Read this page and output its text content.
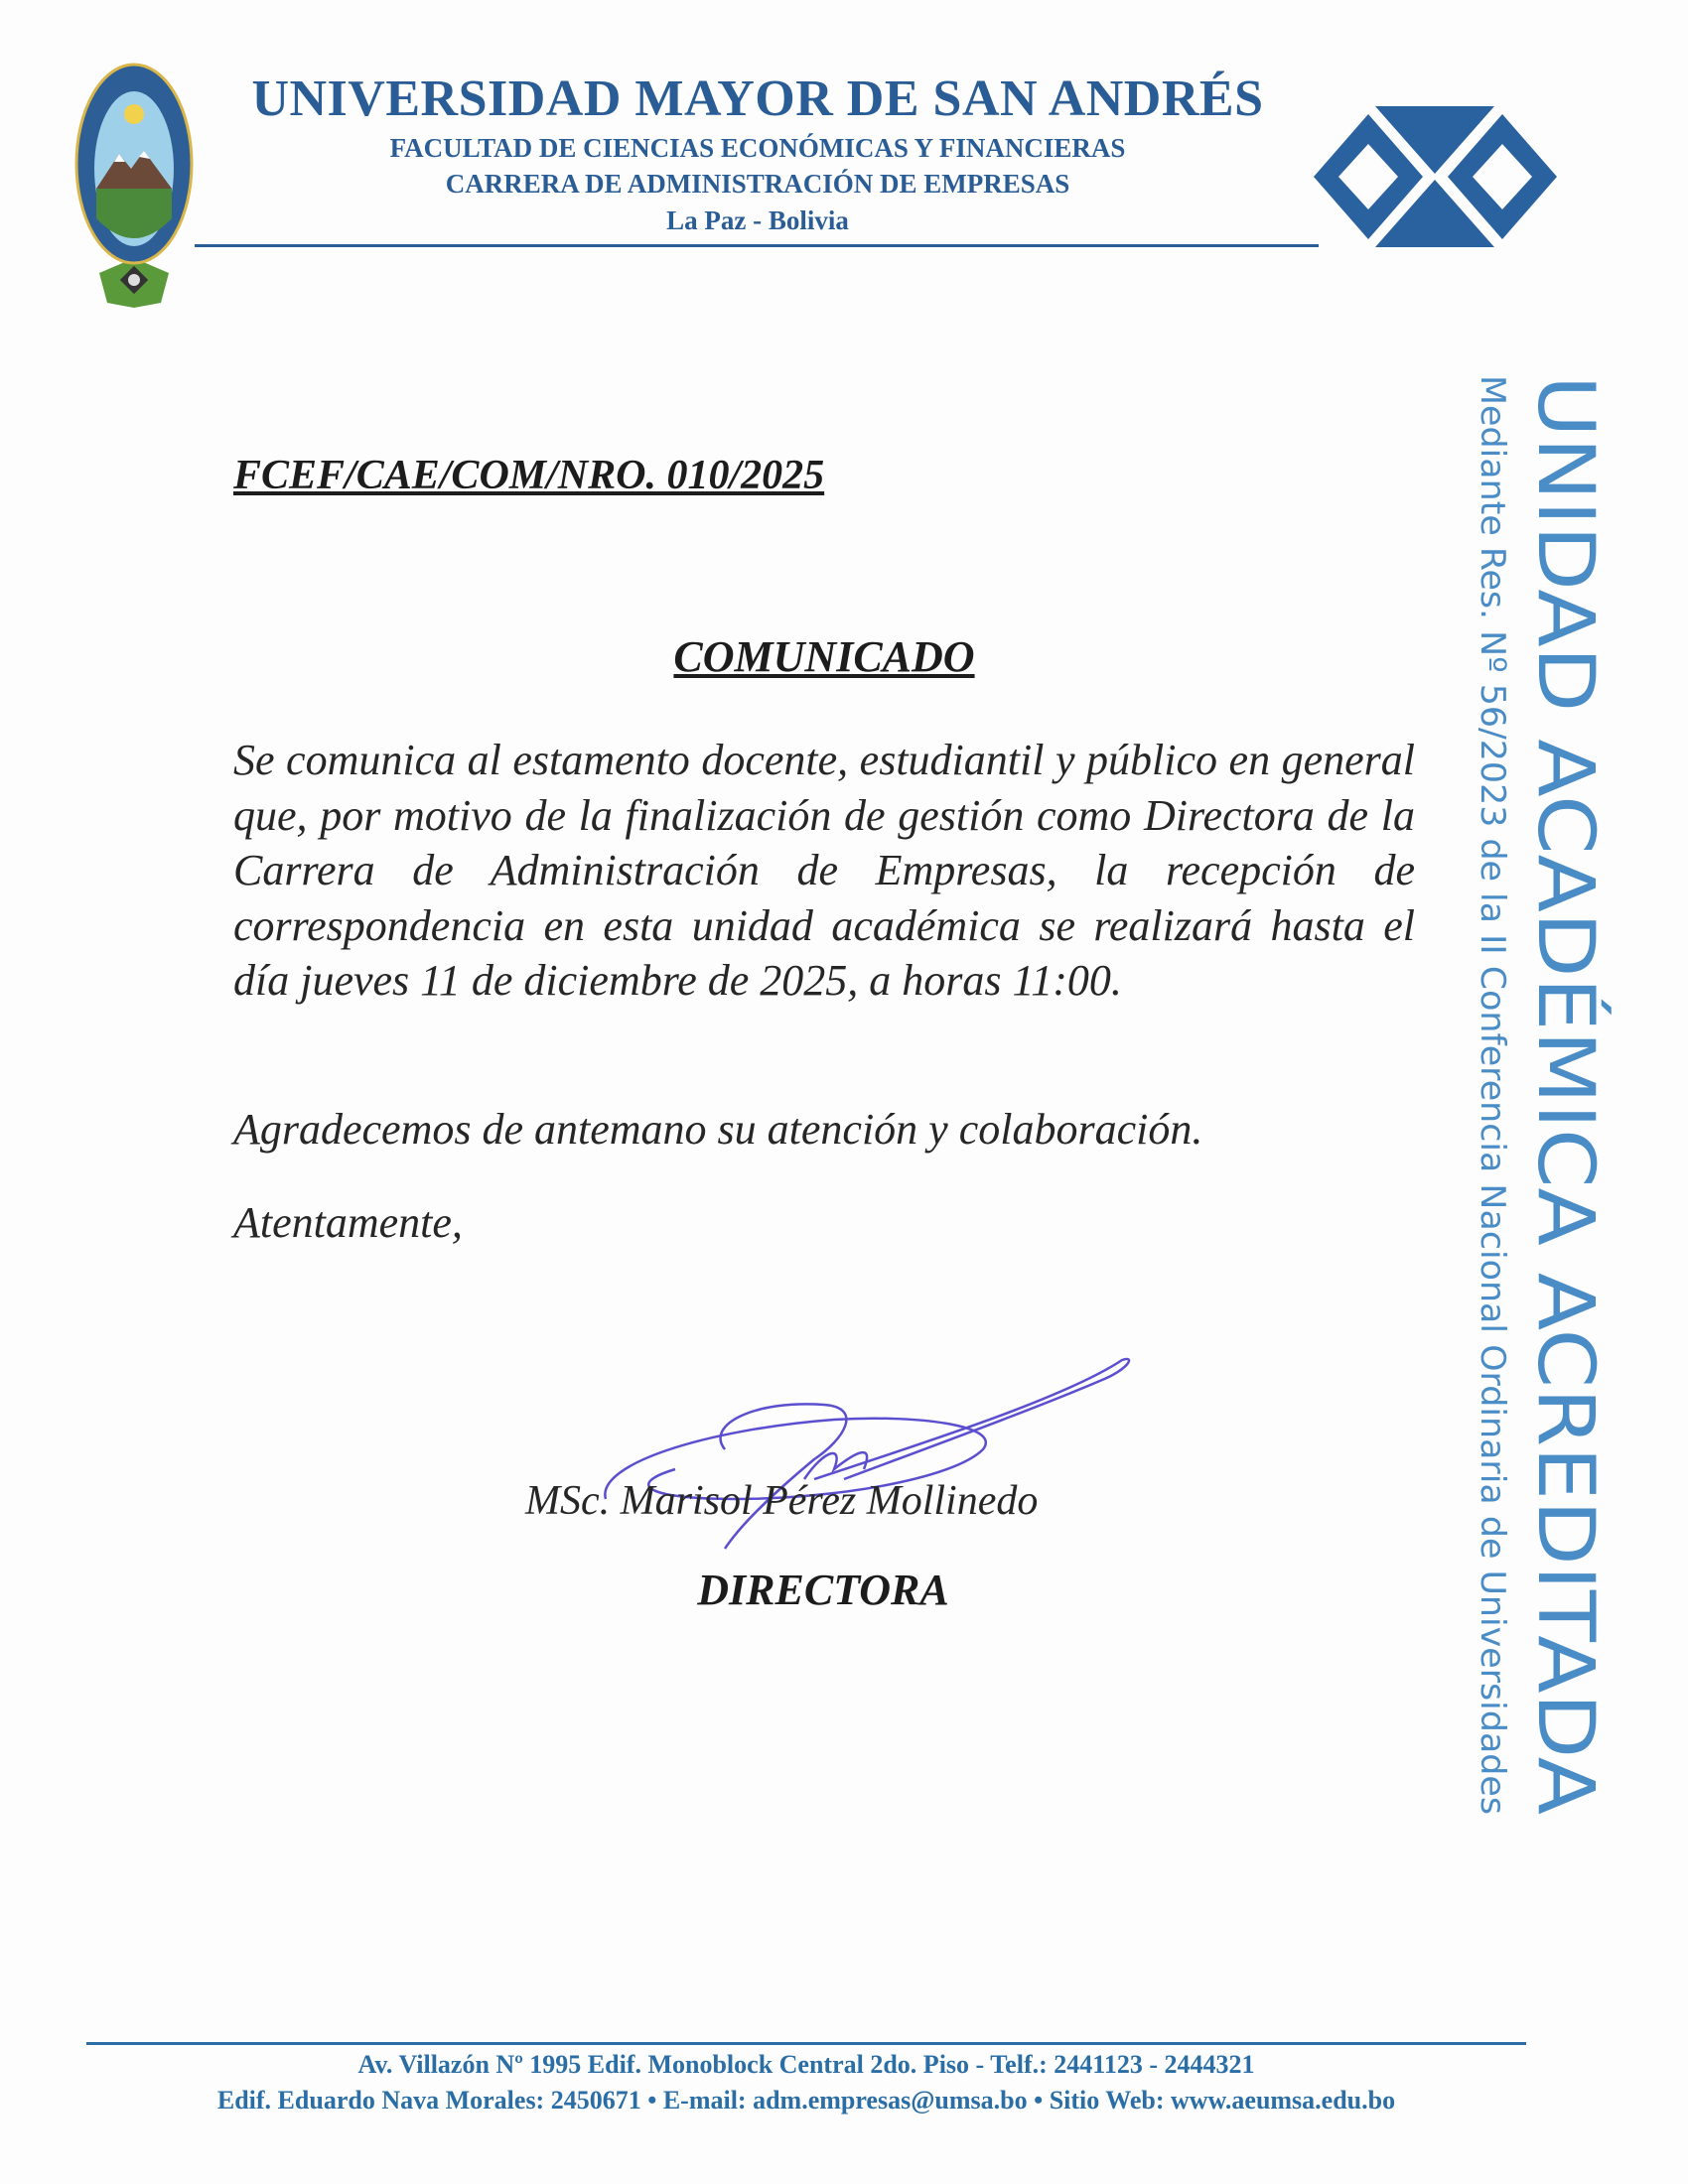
UNIVERSIDAD MAYOR DE SAN ANDRÉS
FACULTAD DE CIENCIAS ECONÓMICAS Y FINANCIERAS
CARRERA DE ADMINISTRACIÓN DE EMPRESAS
La Paz - Bolivia
FCEF/CAE/COM/NRO. 010/2025
COMUNICADO
Se comunica al estamento docente, estudiantil y público en general que, por motivo de la finalización de gestión como Directora de la Carrera de Administración de Empresas, la recepción de correspondencia en esta unidad académica se realizará hasta el día jueves 11 de diciembre de 2025, a horas 11:00.
Agradecemos de antemano su atención y colaboración.
Atentamente,
MSc. Marisol Pérez Mollinedo
DIRECTORA	UNIDAD ACADÉMICA ACREDITADA
Mediante Res. Nº 56/2023 de la II Conferencia Nacional Ordinaria de Universidades
Av. Villazón Nº 1995 Edif. Monoblock Central 2do. Piso - Telf.: 2441123 - 2444321
Edif. Eduardo Nava Morales: 2450671 • E-mail: adm.empresas@umsa.bo • Sitio Web: www.aeumsa.edu.bo
